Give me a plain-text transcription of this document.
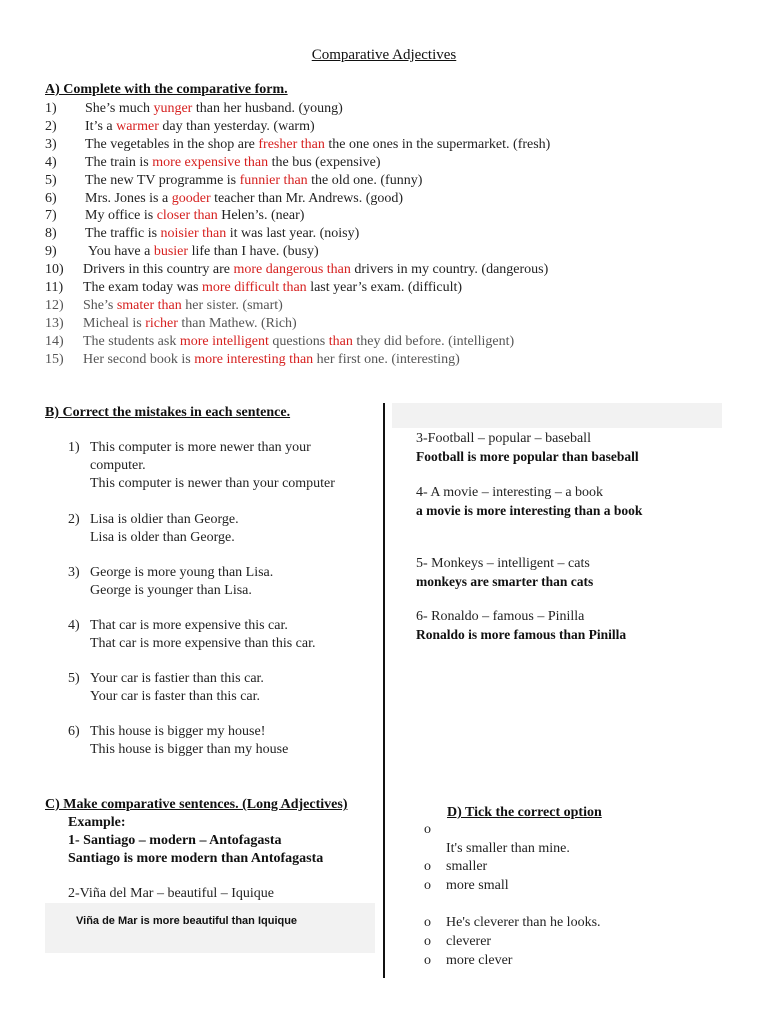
Comparative Adjectives
A) Complete with the comparative form.
1) She’s much yunger than her husband. (young)
2) It’s a warmer day than yesterday. (warm)
3) The vegetables in the shop are fresher than the one ones in the supermarket. (fresh)
4) The train is more expensive than the bus (expensive)
5) The new TV programme is funnier than the old one. (funny)
6) Mrs. Jones is a gooder teacher than Mr. Andrews. (good)
7) My office is closer than Helen’s. (near)
8) The traffic is noisier than it was last year. (noisy)
9) You have a busier life than I have. (busy)
10) Drivers in this country are more dangerous than drivers in my country. (dangerous)
11) The exam today was more difficult than last year’s exam. (difficult)
12) She’s smater than her sister. (smart)
13) Micheal is richer than Mathew. (Rich)
14) The students ask more intelligent questions than they did before. (intelligent)
15) Her second book is more interesting than her first one. (interesting)
B) Correct the mistakes in each sentence.
1) This computer is more newer than your
computer.
This computer is newer than your computer
2) Lisa is oldier than George.
Lisa is older than George.
3) George is more young than Lisa.
George is younger than Lisa.
4) That car is more expensive this car.
That car is more expensive than this car.
5) Your car is fastier than this car.
Your car is faster than this car.
6) This house is bigger my house!
This house is bigger than my house
3-Football – popular – baseball
Football is more popular than baseball
4- A movie – interesting – a book
a movie is more interesting than a book
5- Monkeys – intelligent – cats
monkeys are smarter than cats
6- Ronaldo – famous – Pinilla
Ronaldo is more famous than Pinilla
C) Make comparative sentences. (Long Adjectives)
Example:
1- Santiago – modern – Antofagasta
Santiago is more modern than Antofagasta
2-Viña del Mar – beautiful – Iquique
Viña de Mar is more beautiful than Iquique
D) Tick the correct option
o
It's smaller than mine.
o smaller
o more small
o He's cleverer than he looks.
o cleverer
o more clever
